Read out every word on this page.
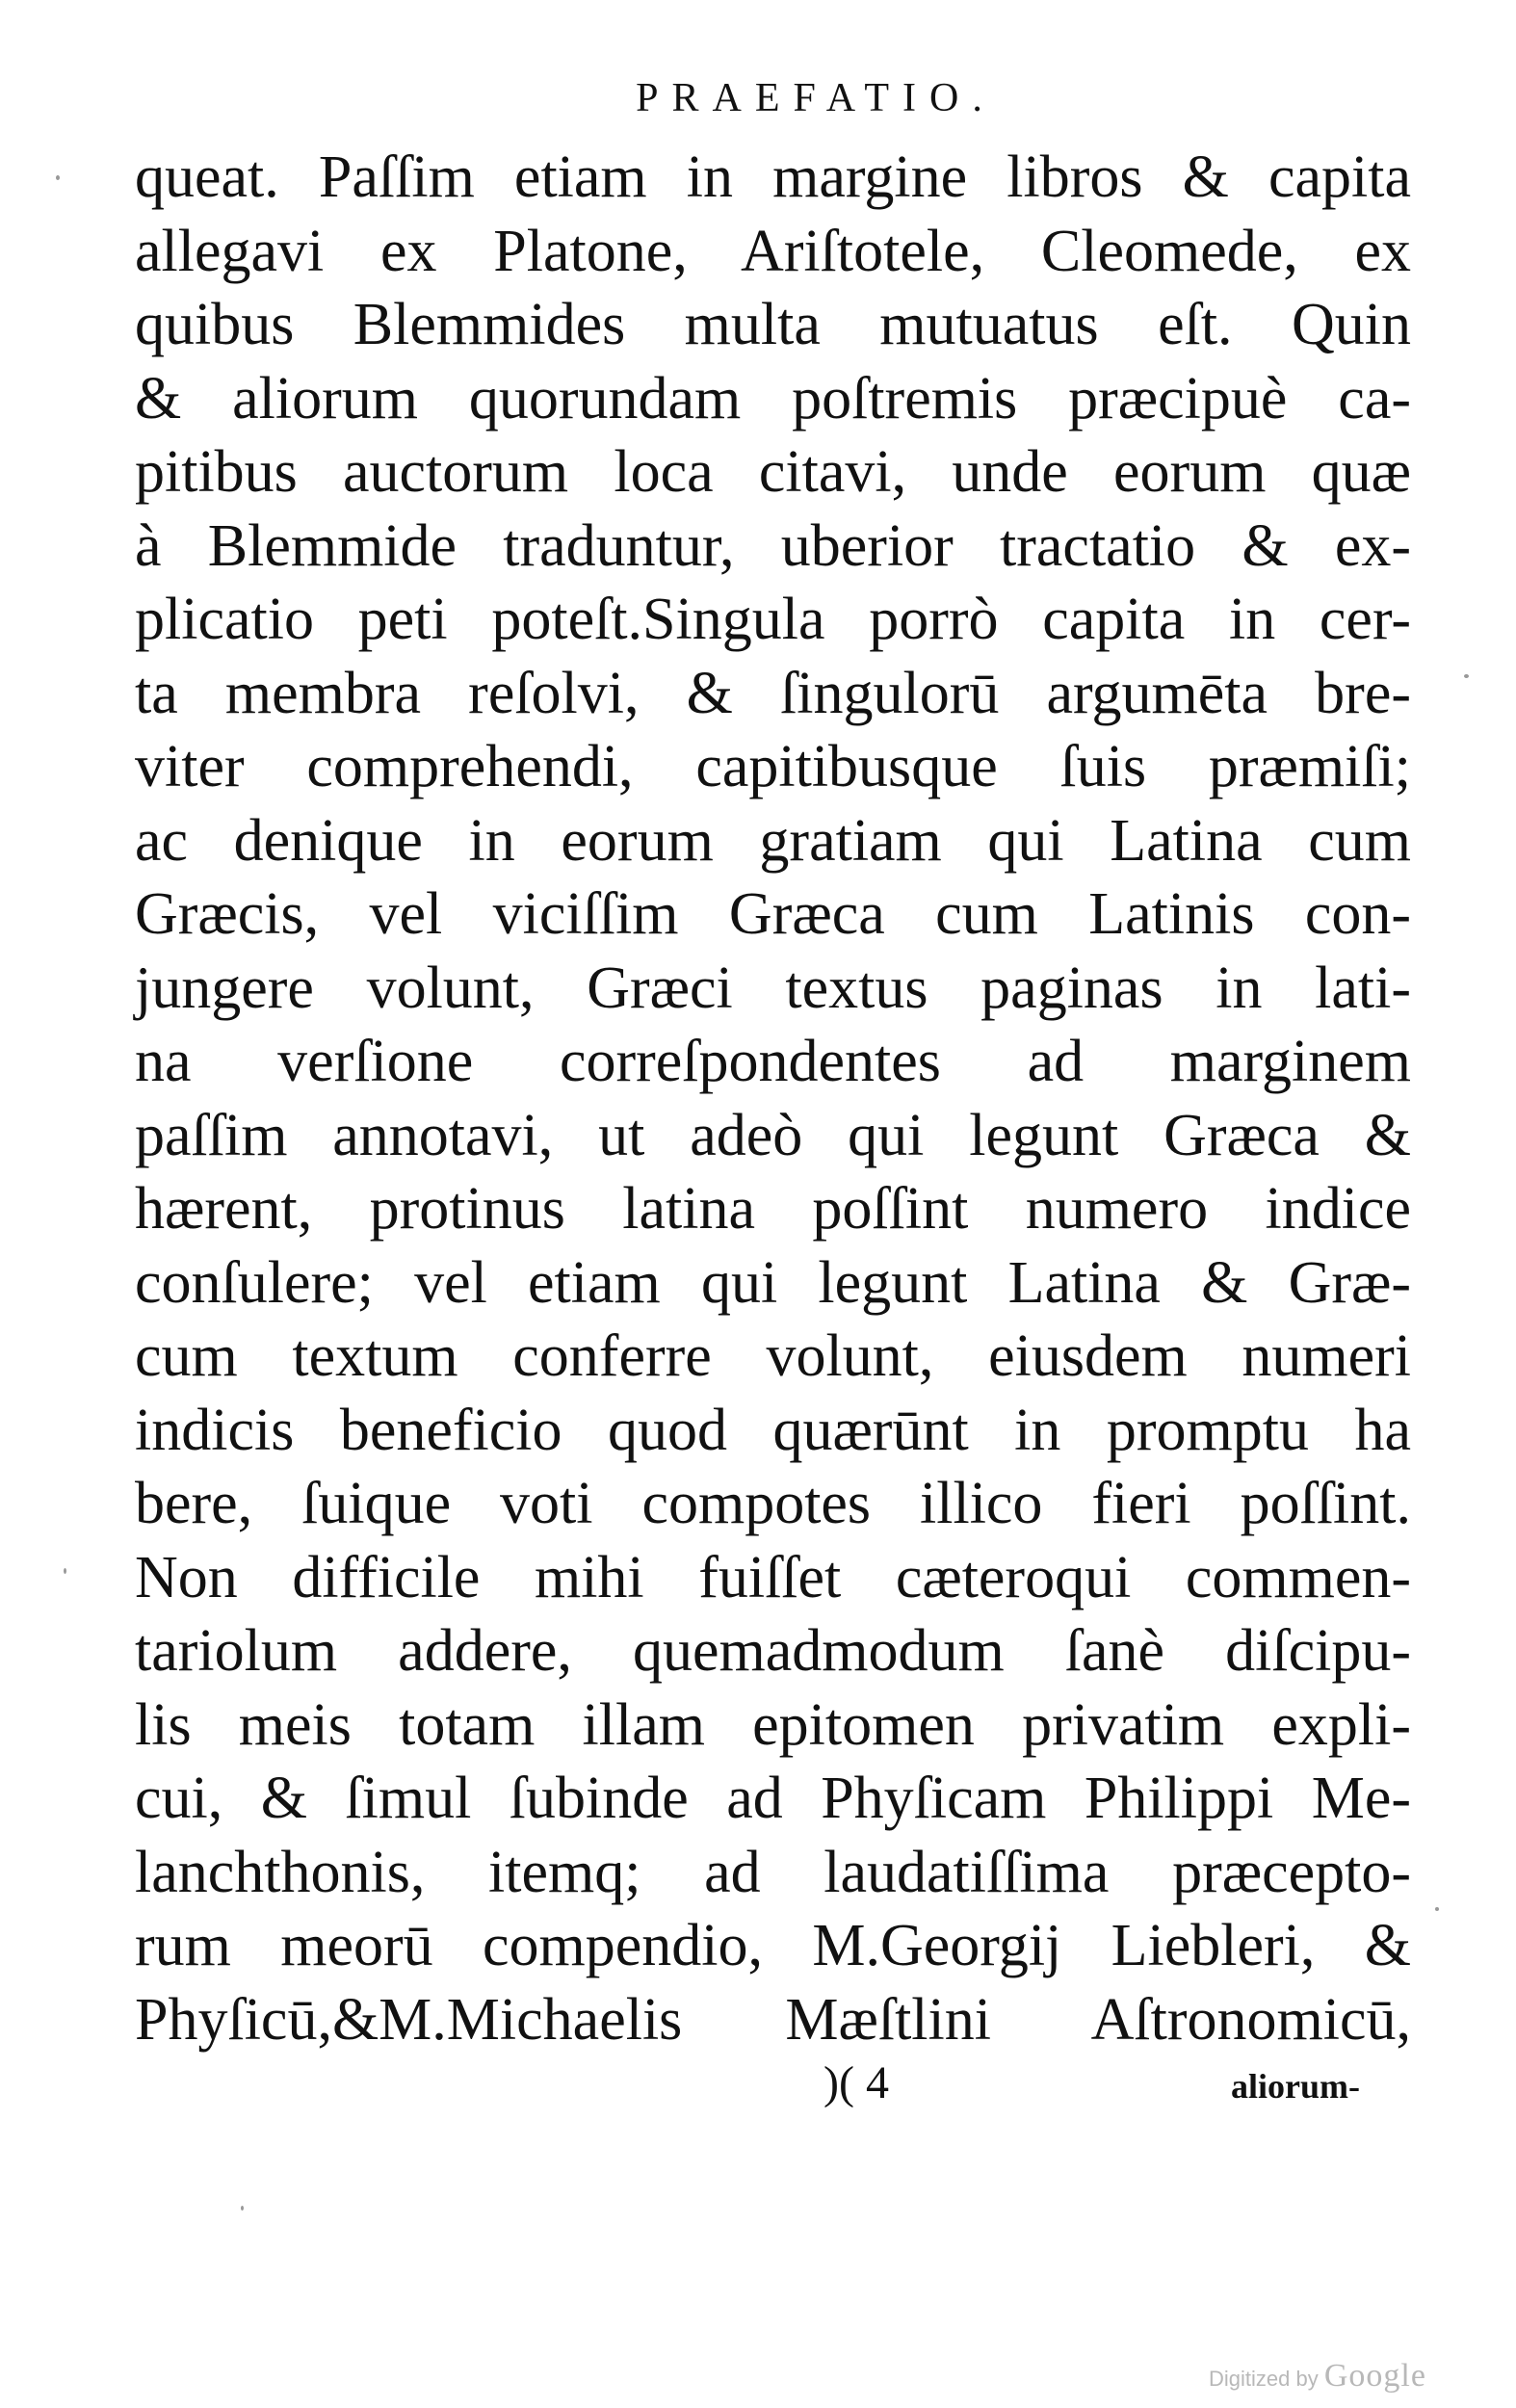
PRAEFATIO.
queat. Paſſim etiam in margine libros & capita
allegavi ex Platone, Ariſtotele, Cleomede, ex
quibus Blemmides multa mutuatus eſt. Quin
& aliorum quorundam poſtremis præcipuè ca-
pitibus auctorum loca citavi, unde eorum quæ
à Blemmide traduntur, uberior tractatio & ex-
plicatio peti poteſt.Singula porrò capita in cer-
ta membra reſolvi, & ſingulorū argumēta bre-
viter comprehendi, capitibusque ſuis præmiſi;
ac denique in eorum gratiam qui Latina cum
Græcis, vel viciſſim Græca cum Latinis con-
jungere volunt, Græci textus paginas in lati-
na verſione correſpondentes ad marginem
paſſim annotavi, ut adeò qui legunt Græca &
hærent, protinus latina poſſint numero indice
conſulere; vel etiam qui legunt Latina & Græ-
cum textum conferre volunt, eiusdem numeri
indicis beneficio quod quærūnt in promptu ha
bere, ſuique voti compotes illico fieri poſſint.
Non difficile mihi fuiſſet cæteroqui commen-
tariolum addere, quemadmodum ſanè diſcipu-
lis meis totam illam epitomen privatim expli-
cui, & ſimul ſubinde ad Phyſicam Philippi Me-
lanchthonis, itemq; ad laudatiſſima præcepto-
rum meorū compendio, M.Georgij Liebleri, &
Phyſicū,&M.Michaelis Mæſtlini Aſtronomicū,
)( 4	aliorum-
Digitized by Google
